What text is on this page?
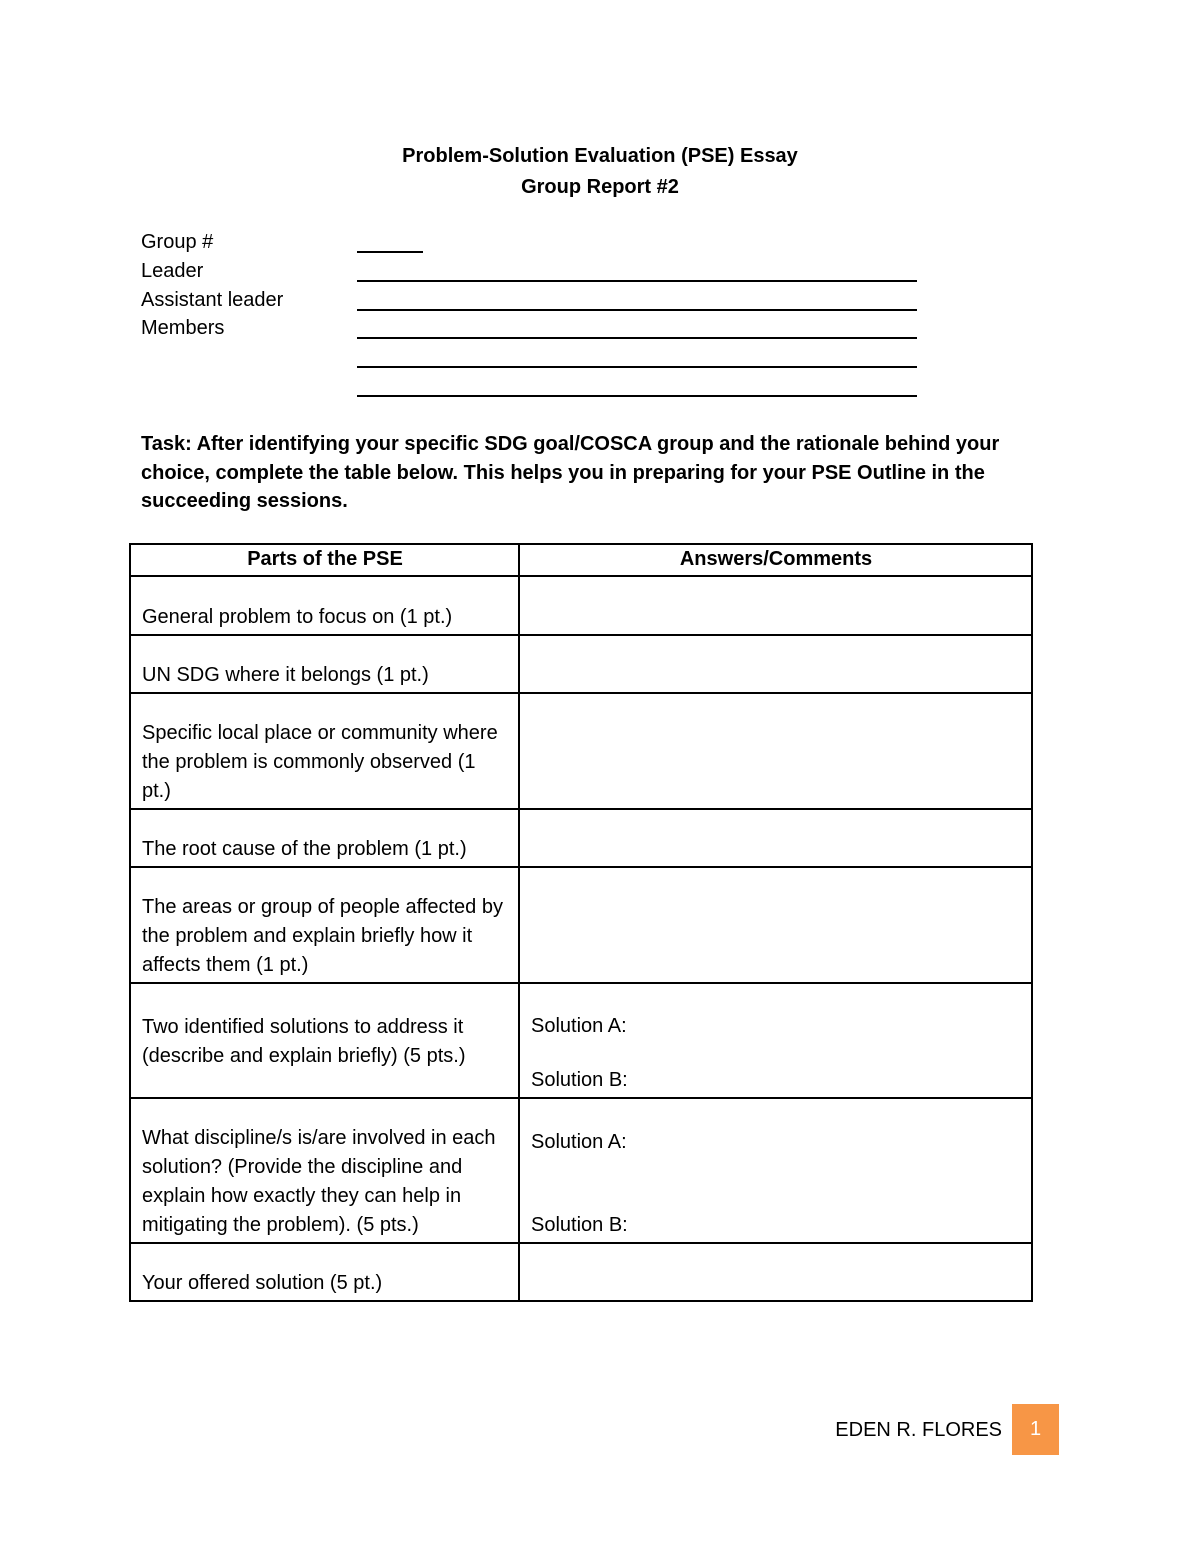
Problem-Solution Evaluation (PSE) Essay
Group Report #2
Group #
Leader
Assistant leader
Members
Task: After identifying your specific SDG goal/COSCA group and the rationale behind your choice, complete the table below. This helps you in preparing for your PSE Outline in the succeeding sessions.
Parts of the PSE	Answers/Comments
General problem to focus on (1 pt.)	
UN SDG where it belongs (1 pt.)	
Specific local place or community where the problem is commonly observed (1 pt.)	
The root cause of the problem (1 pt.)	
The areas or group of people affected by the problem and explain briefly how it affects them (1 pt.)	
Two identified solutions to address it (describe and explain briefly) (5 pts.)	Solution A:
Solution B:

What discipline/s is/are involved in each solution? (Provide the discipline and explain how exactly they can help in mitigating the problem). (5 pts.)	Solution A:
Solution B:

Your offered solution (5 pt.)	
EDEN R. FLORES	1
